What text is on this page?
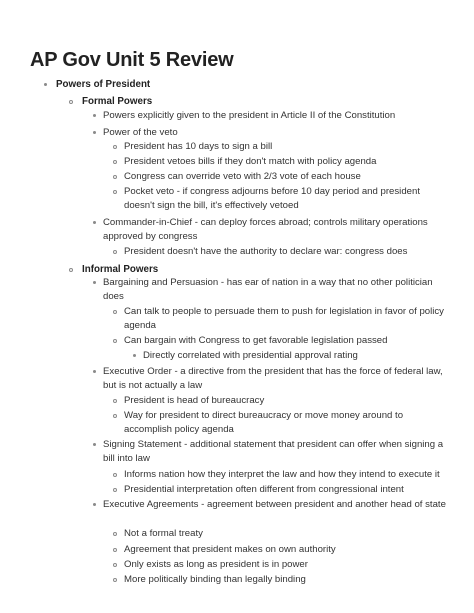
AP Gov Unit 5 Review
Powers of President
Formal Powers
Powers explicitly given to the president in Article II of the Constitution
Power of the veto
President has 10 days to sign a bill
President vetoes bills if they don't match with policy agenda
Congress can override veto with 2/3 vote of each house
Pocket veto - if congress adjourns before 10 day period and president doesn't sign the bill, it's effectively vetoed
Commander-in-Chief - can deploy forces abroad; controls military operations approved by congress
President doesn't have the authority to declare war: congress does
Informal Powers
Bargaining and Persuasion - has ear of nation in a way that no other politician does
Can talk to people to persuade them to push for legislation in favor of policy agenda
Can bargain with Congress to get favorable legislation passed
Directly correlated with presidential approval rating
Executive Order - a directive from the president that has the force of federal law, but is not actually a law
President is head of bureaucracy
Way for president to direct bureaucracy or move money around to accomplish policy agenda
Signing Statement - additional statement that president can offer when signing a bill into law
Informs nation how they interpret the law and how they intend to execute it
Presidential interpretation often different from congressional intent
Executive Agreements - agreement between president and another head of state
Not a formal treaty
Agreement that president makes on own authority
Only exists as long as president is in power
More politically binding than legally binding
